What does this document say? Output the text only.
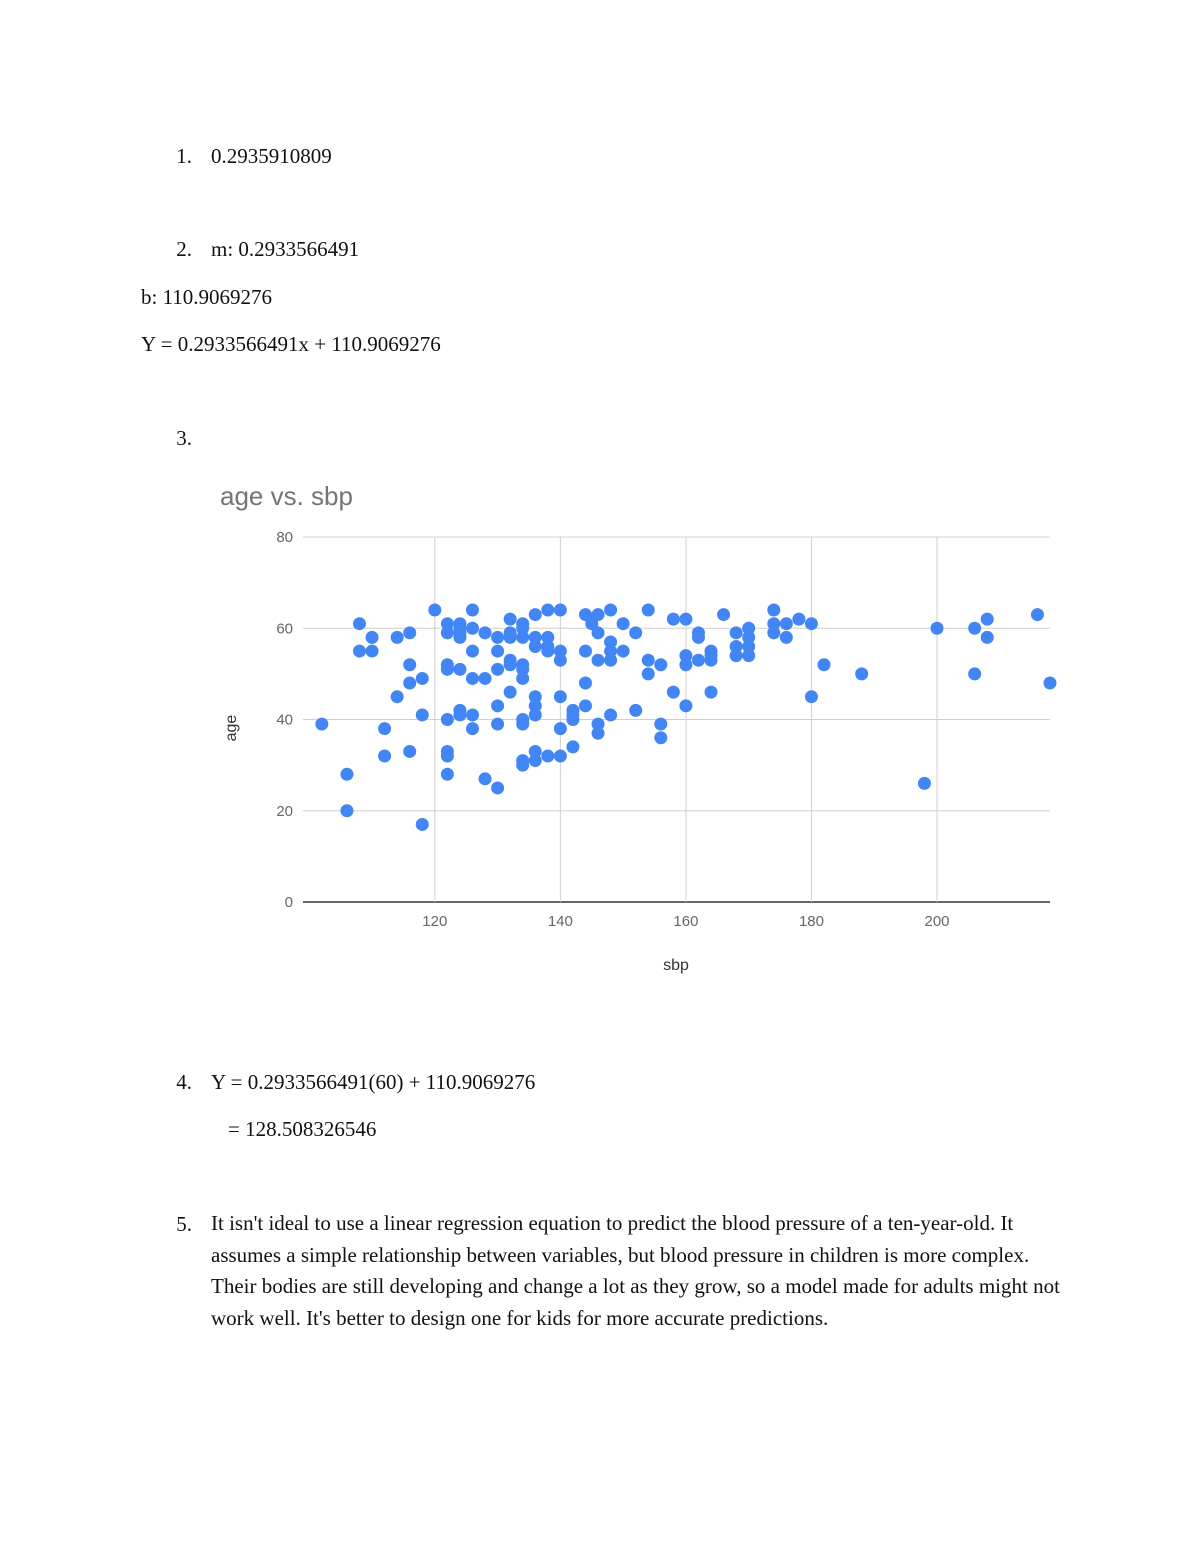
1. 0.2935910809
2. m: 0.2933566491
b: 110.9069276
Y = 0.2933566491x + 110.9069276
3.
age vs. sbp
0
20
40
60
80
120	140	160	180	200
sbp
age
4. Y = 0.2933566491(60) + 110.9069276
= 128.508326546
5. It isn't ideal to use a linear regression equation to predict the blood pressure of a ten-year-old. It assumes a simple relationship between variables, but blood pressure in children is more complex. Their bodies are still developing and change a lot as they grow, so a model made for adults might not work well. It's better to design one for kids for more accurate predictions.
